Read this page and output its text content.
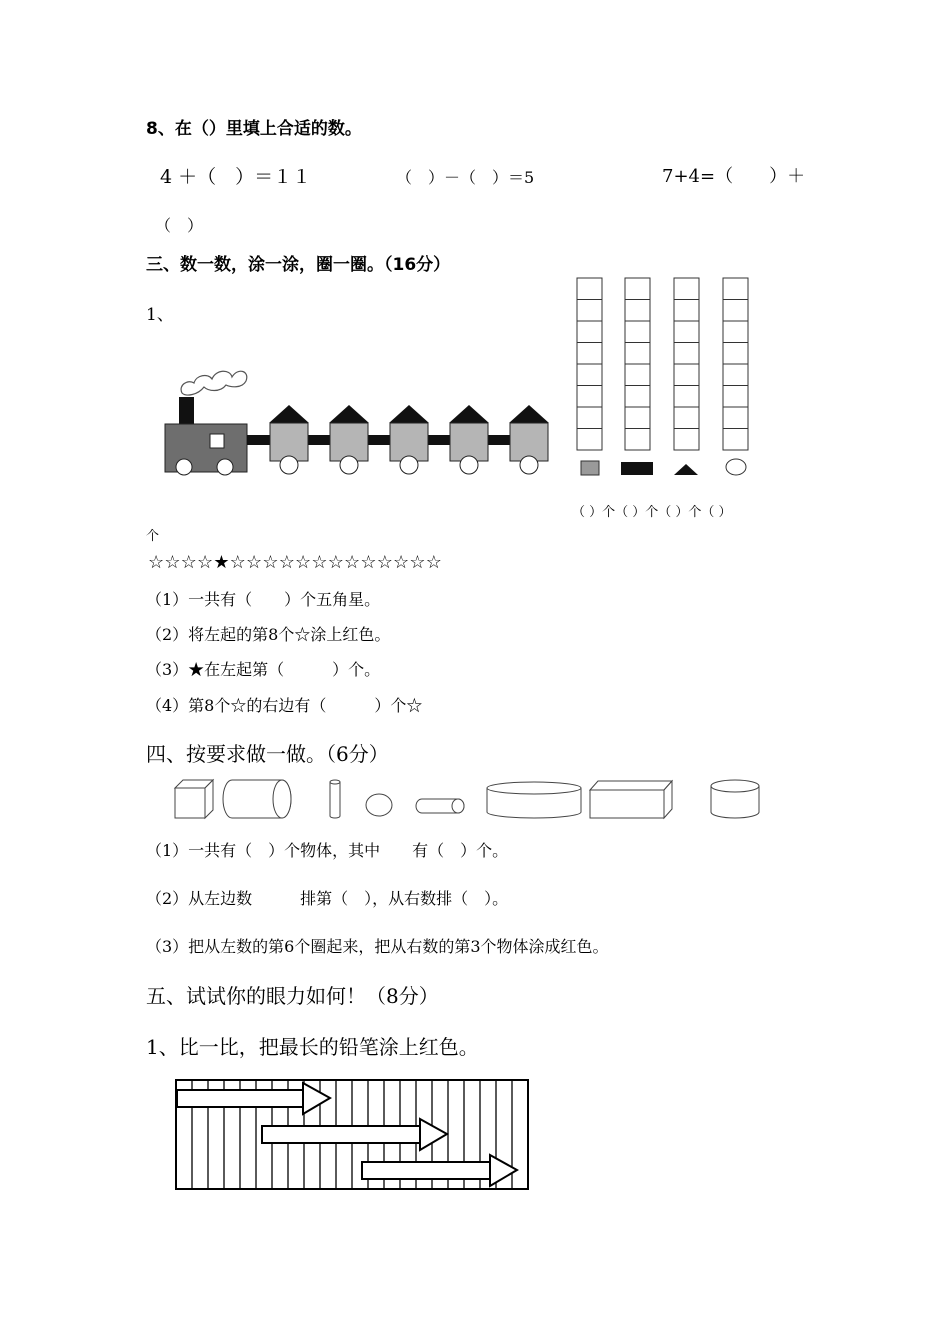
8、在（）里填上合适的数。
4 ＋（　）＝１１	（　）－（　）＝5	7+4=（　　）＋
（　）
三、数一数，涂一涂，圈一圈。（16分）
1、
（ ）个（ ）个（ ）个（ ）
个
☆☆☆☆★☆☆☆☆☆☆☆☆☆☆☆☆☆
（1）一共有（　　）个五角星。
（2）将左起的第8个☆涂上红色。
（3）★在左起第（　　　）个。
（4）第8个☆的右边有（　　　）个☆
四、按要求做一做。（6分）
（1）一共有（　）个物体，其中　　有（　）个。
（2）从左边数　　　排第（　），从右数排（　）。
（3）把从左数的第6个圈起来，把从右数的第3个物体涂成红色。
五、试试你的眼力如何！（8分）
1、比一比，把最长的铅笔涂上红色。
